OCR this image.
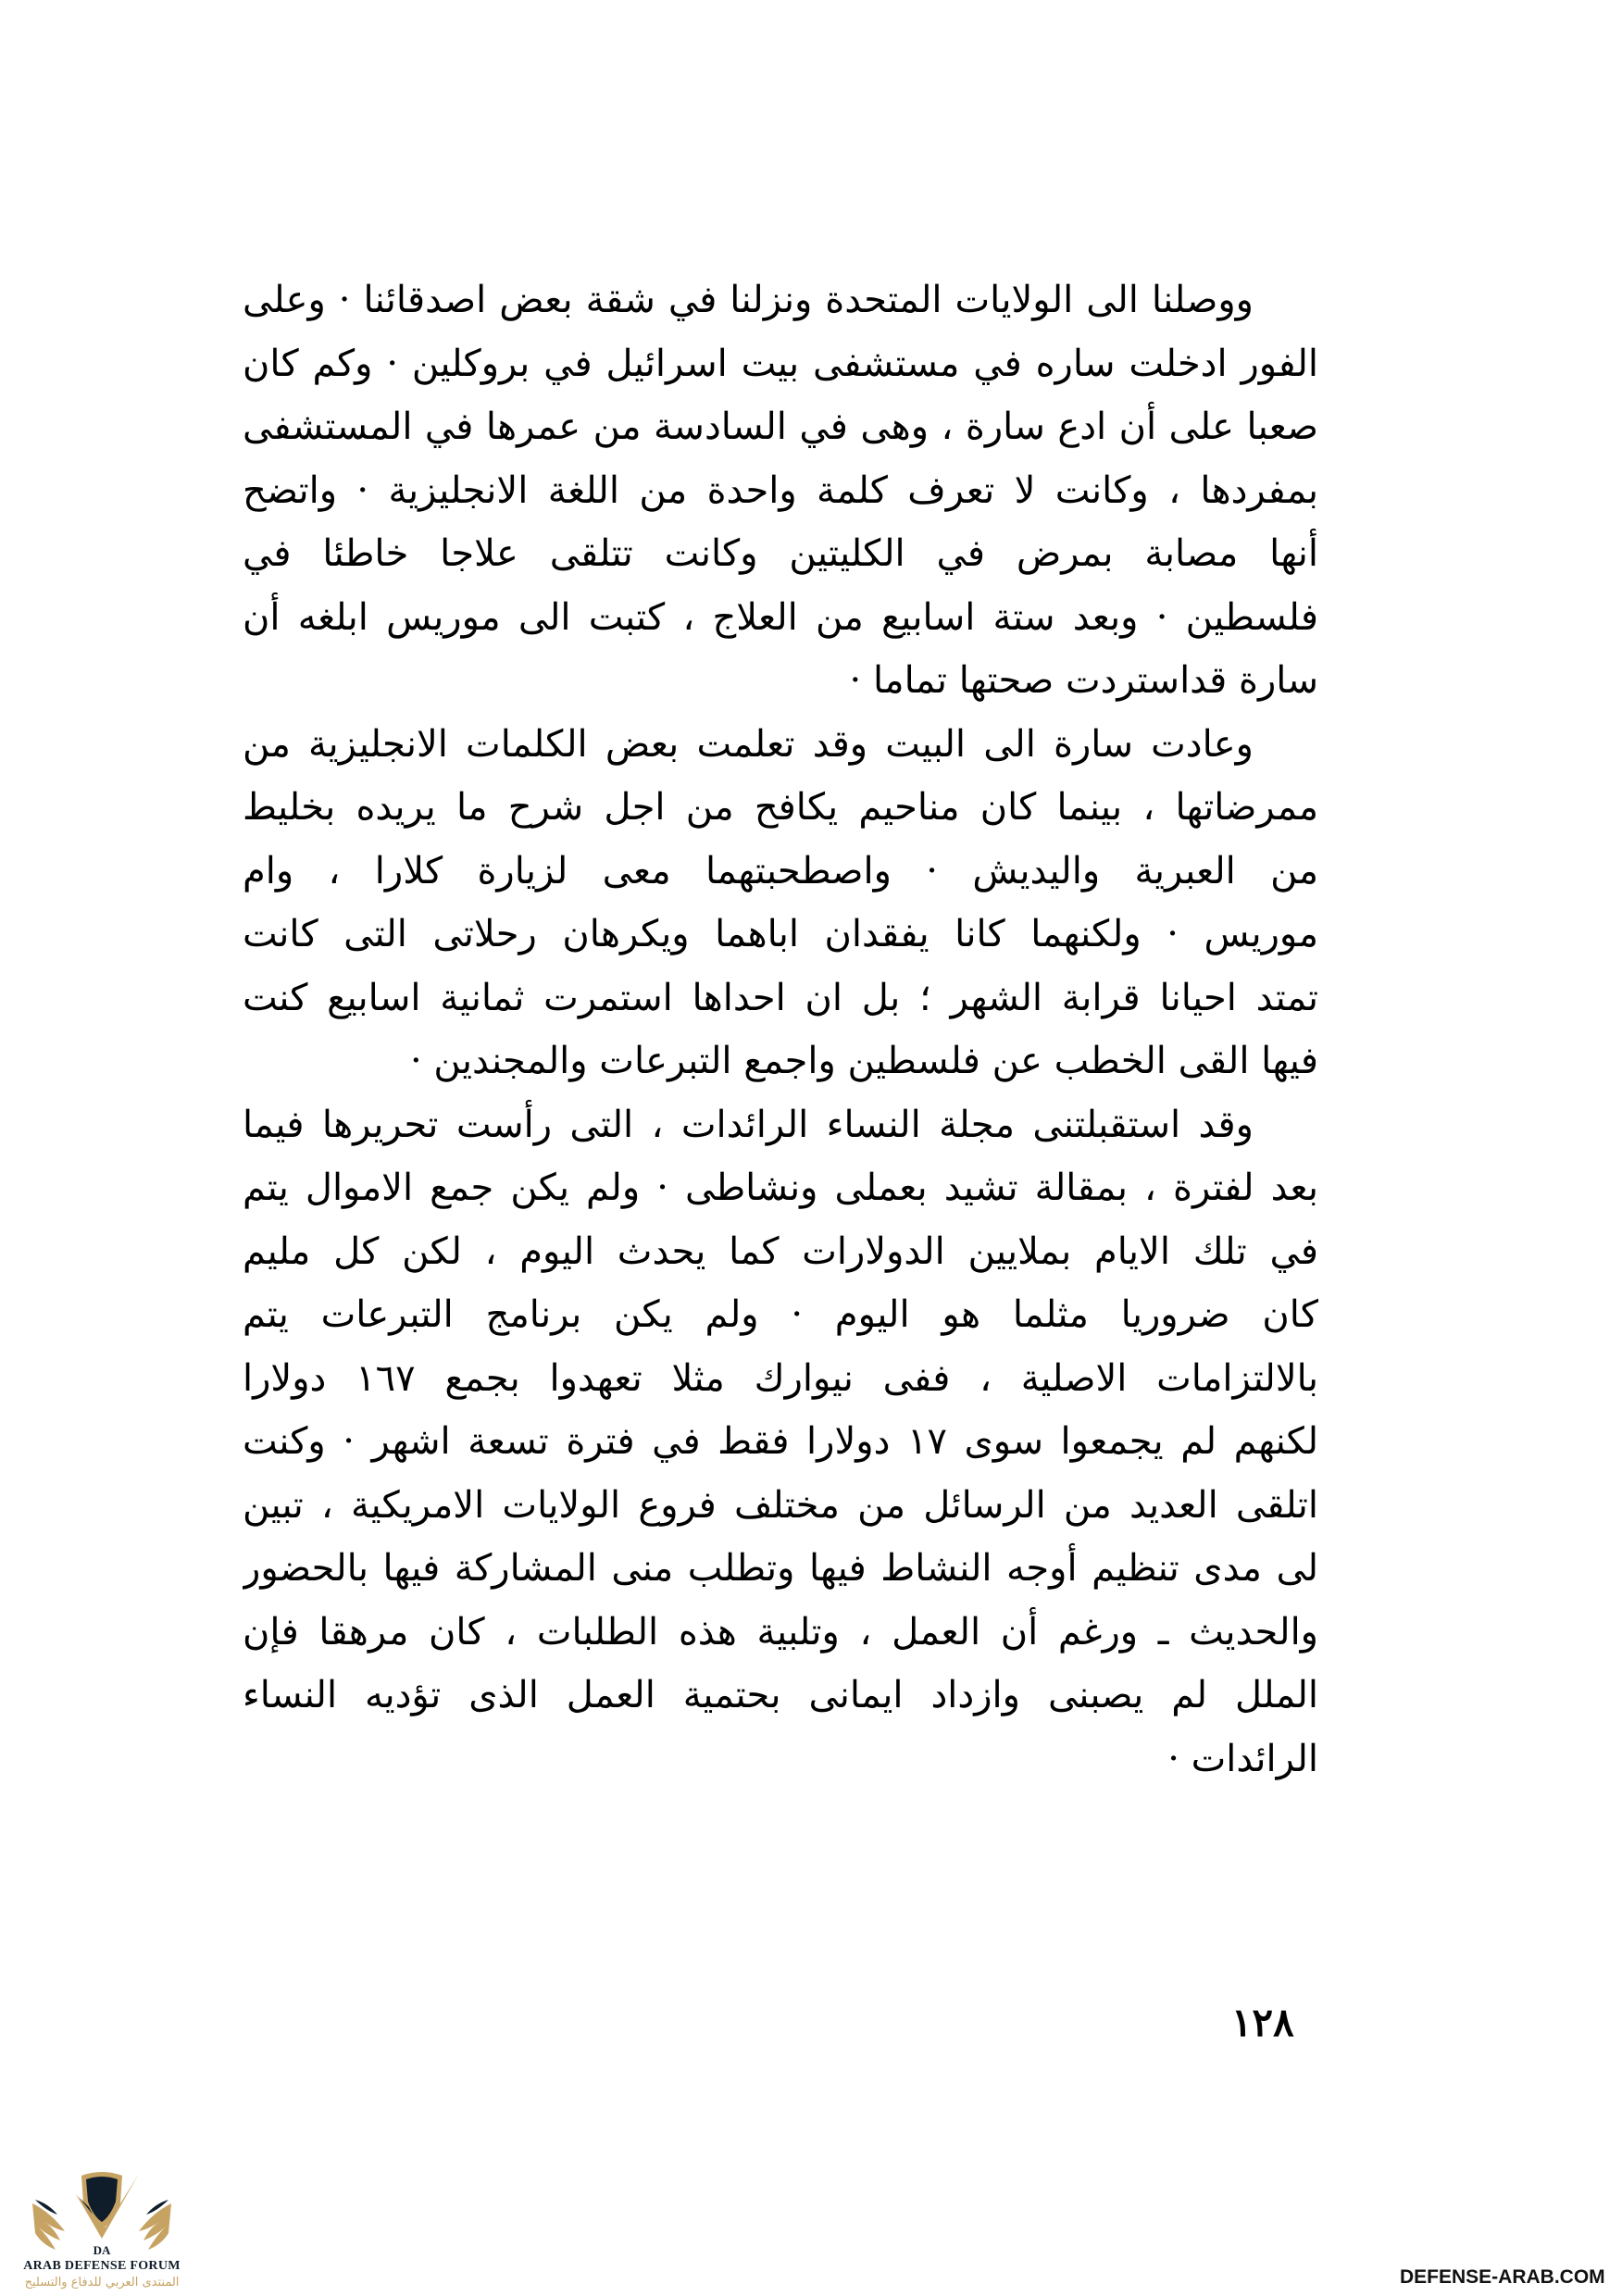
ووصلنا الى الولايات المتحدة ونزلنا في شقة بعض اصدقائنا · وعلى
الفور ادخلت ساره في مستشفى بيت اسرائيل في بروكلين · وكم كان
صعبا على أن ادع سارة ، وهى في السادسة من عمرها في المستشفى
بمفردها ، وكانت لا تعرف كلمة واحدة من اللغة الانجليزية · واتضح
أنها مصابة بمرض في الكليتين وكانت تتلقى علاجا خاطئا في
فلسطين · وبعد ستة اسابيع من العلاج ، كتبت الى موريس ابلغه أن
سارة قداستردت صحتها تماما ·
وعادت سارة الى البيت وقد تعلمت بعض الكلمات الانجليزية من
ممرضاتها ، بينما كان مناحيم يكافح من اجل شرح ما يريده بخليط
من العبرية واليديش · واصطحبتهما معى لزيارة كلارا ، وام
موريس · ولكنهما كانا يفقدان اباهما ويكرهان رحلاتى التى كانت
تمتد احيانا قرابة الشهر ؛ بل ان احداها استمرت ثمانية اسابيع كنت
فيها القى الخطب عن فلسطين واجمع التبرعات والمجندين ·
وقد استقبلتنى مجلة النساء الرائدات ، التى رأست تحريرها فيما
بعد لفترة ، بمقالة تشيد بعملى ونشاطى · ولم يكن جمع الاموال يتم
في تلك الايام بملايين الدولارات كما يحدث اليوم ، لكن كل مليم
كان ضروريا مثلما هو اليوم · ولم يكن برنامج التبرعات يتم
بالالتزامات الاصلية ، ففى نيوارك مثلا تعهدوا بجمع ١٦٧ دولارا
لكنهم لم يجمعوا سوى ١٧ دولارا فقط في فترة تسعة اشهر · وكنت
اتلقى العديد من الرسائل من مختلف فروع الولايات الامريكية ، تبين
لى مدى تنظيم أوجه النشاط فيها وتطلب منى المشاركة فيها بالحضور
والحديث ـ ورغم أن العمل ، وتلبية هذه الطلبات ، كان مرهقا فإن
الملل لم يصبنى وازداد ايمانى بحتمية العمل الذى تؤديه النساء
الرائدات ·
١٢٨
DA
ARAB DEFENSE FORUM
المنتدى العربي للدفاع والتسليح	DEFENSE-ARAB.COM
